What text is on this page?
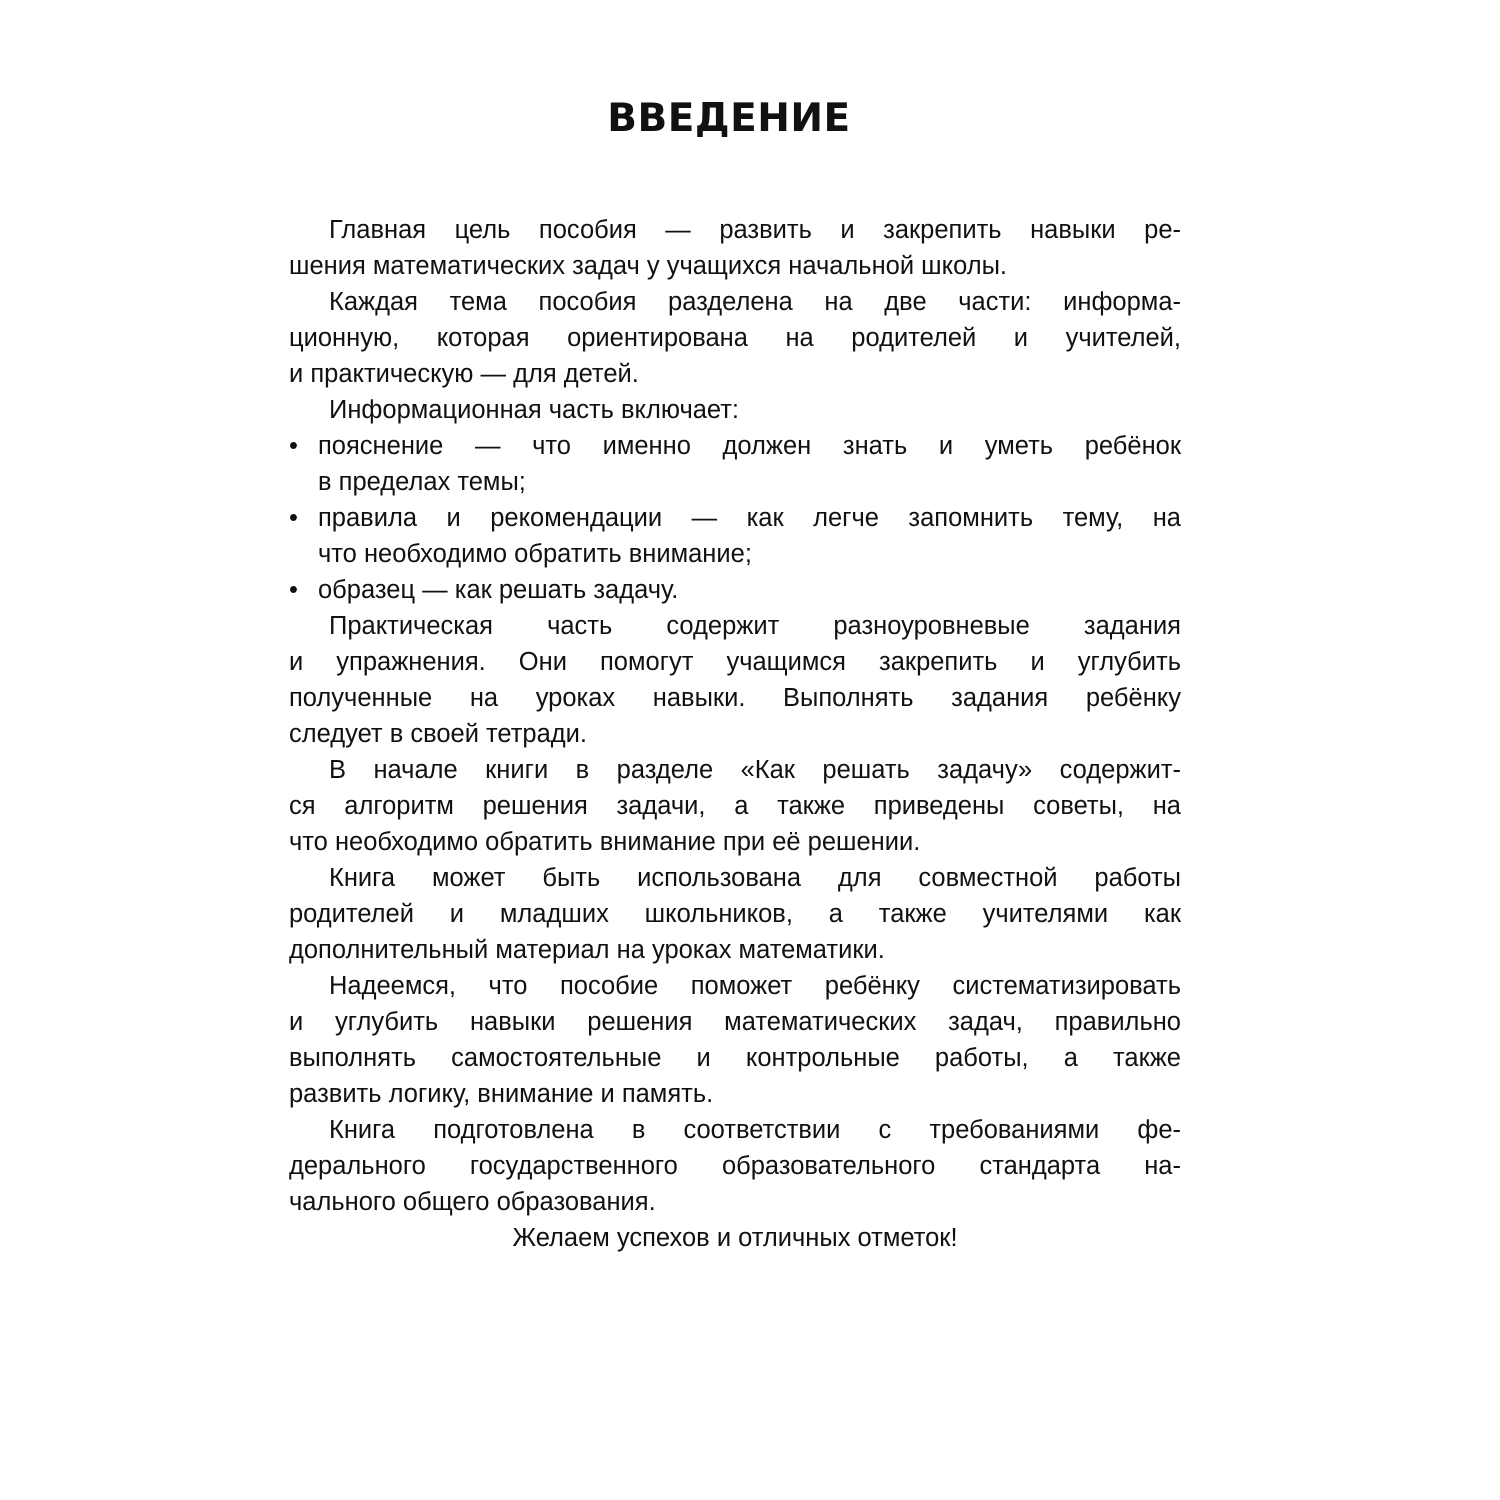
ВВЕДЕНИЕ
Главная цель пособия — развить и закрепить навыки ре-
шения математических задач у учащихся начальной школы.
Каждая тема пособия разделена на две части: информа-
ционную, которая ориентирована на родителей и учителей,
и практическую — для детей.
Информационная часть включает:
• пояснение — что именно должен знать и уметь ребёнок
в пределах темы;
• правила и рекомендации — как легче запомнить тему, на
что необходимо обратить внимание;
• образец — как решать задачу.
Практическая часть содержит разноуровневые задания
и упражнения. Они помогут учащимся закрепить и углубить
полученные на уроках навыки. Выполнять задания ребёнку
следует в своей тетради.
В начале книги в разделе «Как решать задачу» содержит-
ся алгоритм решения задачи, а также приведены советы, на
что необходимо обратить внимание при её решении.
Книга может быть использована для совместной работы
родителей и младших школьников, а также учителями как
дополнительный материал на уроках математики.
Надеемся, что пособие поможет ребёнку систематизировать
и углубить навыки решения математических задач, правильно
выполнять самостоятельные и контрольные работы, а также
развить логику, внимание и память.
Книга подготовлена в соответствии с требованиями фе-
дерального государственного образовательного стандарта на-
чального общего образования.
Желаем успехов и отличных отметок!
